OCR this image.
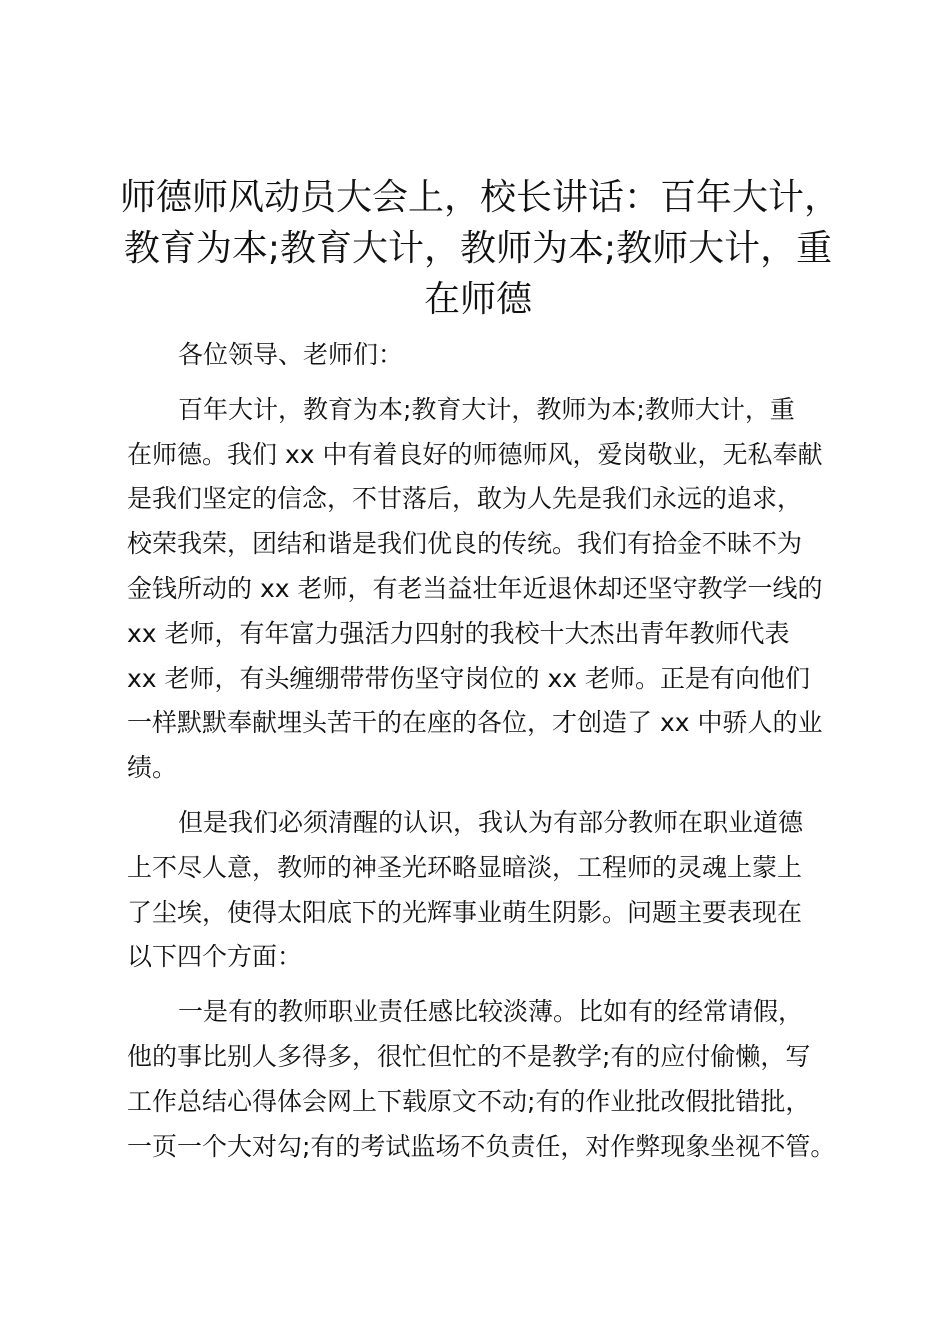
师德师风动员大会上，校长讲话：百年大计，
教育为本;教育大计，教师为本;教师大计，重
在师德

各位领导、老师们：

百年大计，教育为本;教育大计，教师为本;教师大计，重
在师德。我们 xx 中有着良好的师德师风，爱岗敬业，无私奉献
是我们坚定的信念，不甘落后，敢为人先是我们永远的追求，
校荣我荣，团结和谐是我们优良的传统。我们有拾金不昧不为
金钱所动的 xx 老师，有老当益壮年近退休却还坚守教学一线的
xx 老师，有年富力强活力四射的我校十大杰出青年教师代表
xx 老师，有头缠绷带带伤坚守岗位的 xx 老师。正是有向他们
一样默默奉献埋头苦干的在座的各位，才创造了 xx 中骄人的业
绩。

但是我们必须清醒的认识，我认为有部分教师在职业道德
上不尽人意，教师的神圣光环略显暗淡，工程师的灵魂上蒙上
了尘埃，使得太阳底下的光辉事业萌生阴影。问题主要表现在
以下四个方面：

一是有的教师职业责任感比较淡薄。比如有的经常请假，
他的事比别人多得多，很忙但忙的不是教学;有的应付偷懒，写
工作总结心得体会网上下载原文不动;有的作业批改假批错批，
一页一个大对勾;有的考试监场不负责任，对作弊现象坐视不管。
